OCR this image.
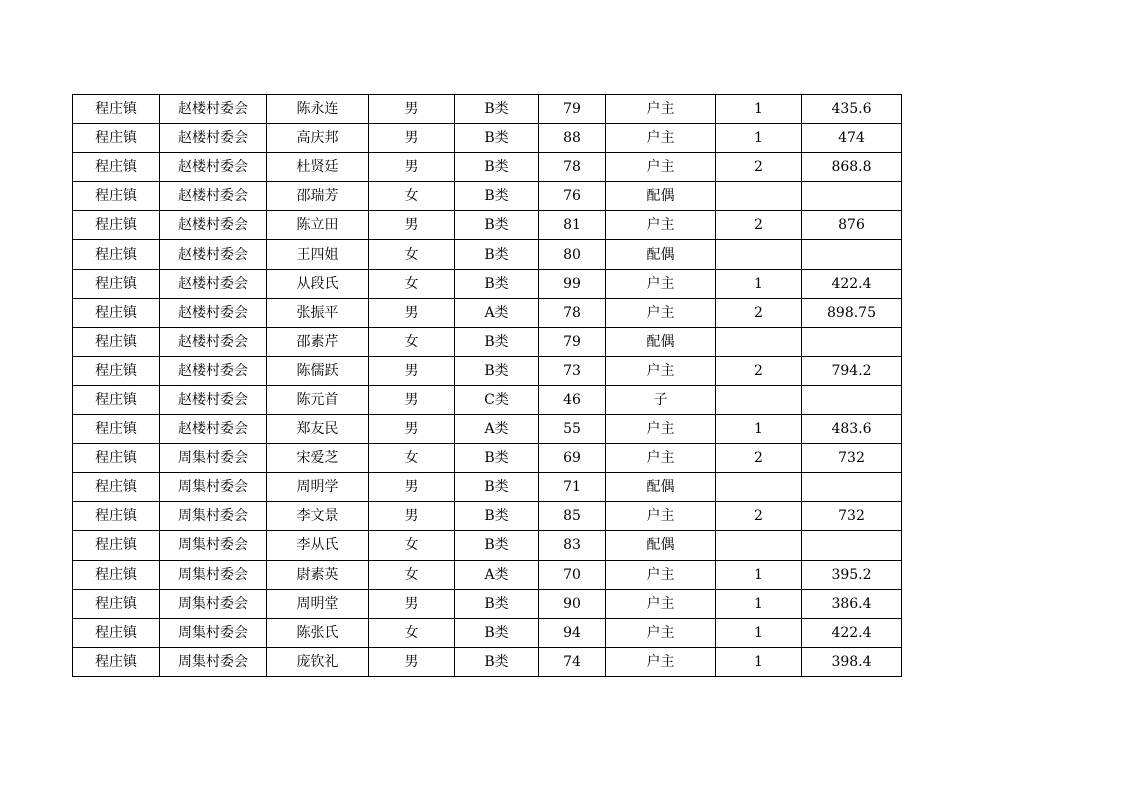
程庄镇	赵楼村委会	陈永连	男	B类	79	户主	1	435.6
程庄镇	赵楼村委会	高庆邦	男	B类	88	户主	1	474
程庄镇	赵楼村委会	杜贤廷	男	B类	78	户主	2	868.8
程庄镇	赵楼村委会	邵瑞芳	女	B类	76	配偶		
程庄镇	赵楼村委会	陈立田	男	B类	81	户主	2	876
程庄镇	赵楼村委会	王四姐	女	B类	80	配偶		
程庄镇	赵楼村委会	从段氏	女	B类	99	户主	1	422.4
程庄镇	赵楼村委会	张振平	男	A类	78	户主	2	898.75
程庄镇	赵楼村委会	邵素芹	女	B类	79	配偶		
程庄镇	赵楼村委会	陈儒跃	男	B类	73	户主	2	794.2
程庄镇	赵楼村委会	陈元首	男	C类	46	子		
程庄镇	赵楼村委会	郑友民	男	A类	55	户主	1	483.6
程庄镇	周集村委会	宋爱芝	女	B类	69	户主	2	732
程庄镇	周集村委会	周明学	男	B类	71	配偶		
程庄镇	周集村委会	李文景	男	B类	85	户主	2	732
程庄镇	周集村委会	李从氏	女	B类	83	配偶		
程庄镇	周集村委会	尉素英	女	A类	70	户主	1	395.2
程庄镇	周集村委会	周明堂	男	B类	90	户主	1	386.4
程庄镇	周集村委会	陈张氏	女	B类	94	户主	1	422.4
程庄镇	周集村委会	庞钦礼	男	B类	74	户主	1	398.4
